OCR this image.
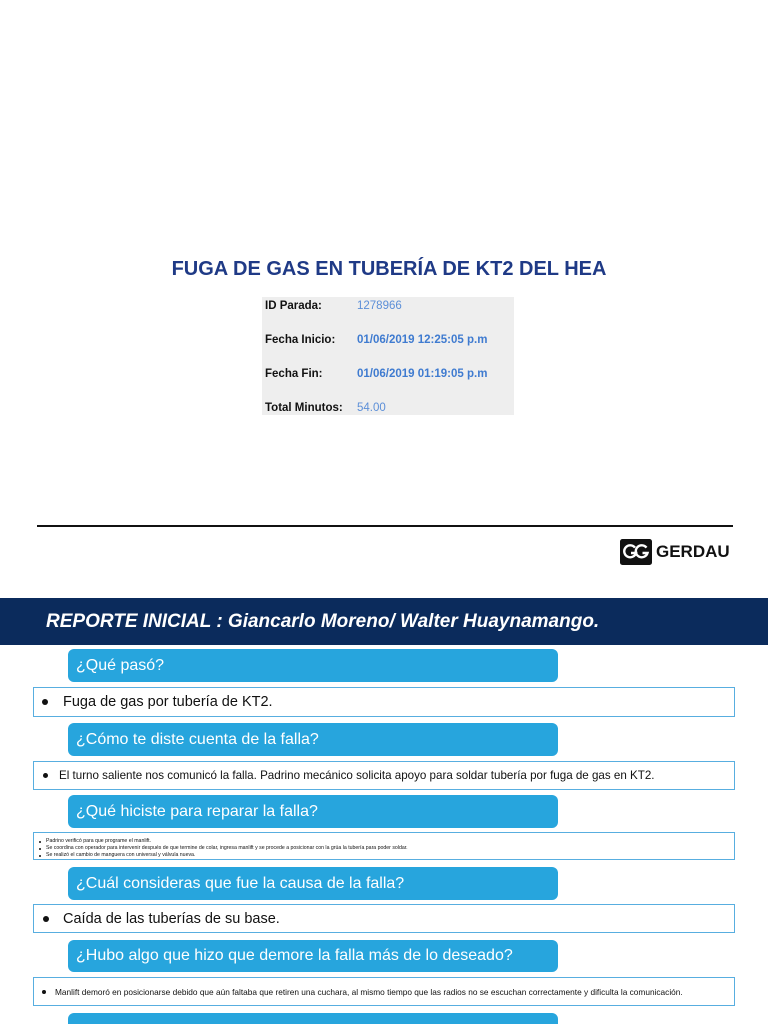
FUGA DE GAS EN TUBERÍA DE KT2 DEL HEA
ID Parada:	1278966
Fecha Inicio: 01/06/2019 12:25:05 p.m
Fecha Fin:	01/06/2019 01:19:05 p.m
Total Minutos: 54.00
GERDAU
REPORTE INICIAL : Giancarlo Moreno/ Walter Huaynamango.
¿Qué pasó?
Fuga de gas por tubería de KT2.
¿Cómo te diste cuenta de la falla?
El turno saliente nos comunicó la falla. Padrino mecánico solicita apoyo para soldar tubería por fuga de gas en KT2.
¿Qué hiciste para reparar la falla?
Padrino verificó para que programe el manlift.
Se coordina con operador para intervenir después de que termine de colar, ingresa manlift y se procede a posicionar con la grúa la tubería para poder soldar.
Se realizó el cambio de manguera con universal y válvula nueva.
¿Cuál consideras que fue la causa de la falla?
Caída de las tuberías de su base.
¿Hubo algo que hizo que demore la falla más de lo deseado?
Manlift demoró en posicionarse debido que aún faltaba que retiren una cuchara, al mismo tiempo que las radios no se escuchan correctamente y dificulta la comunicación.
